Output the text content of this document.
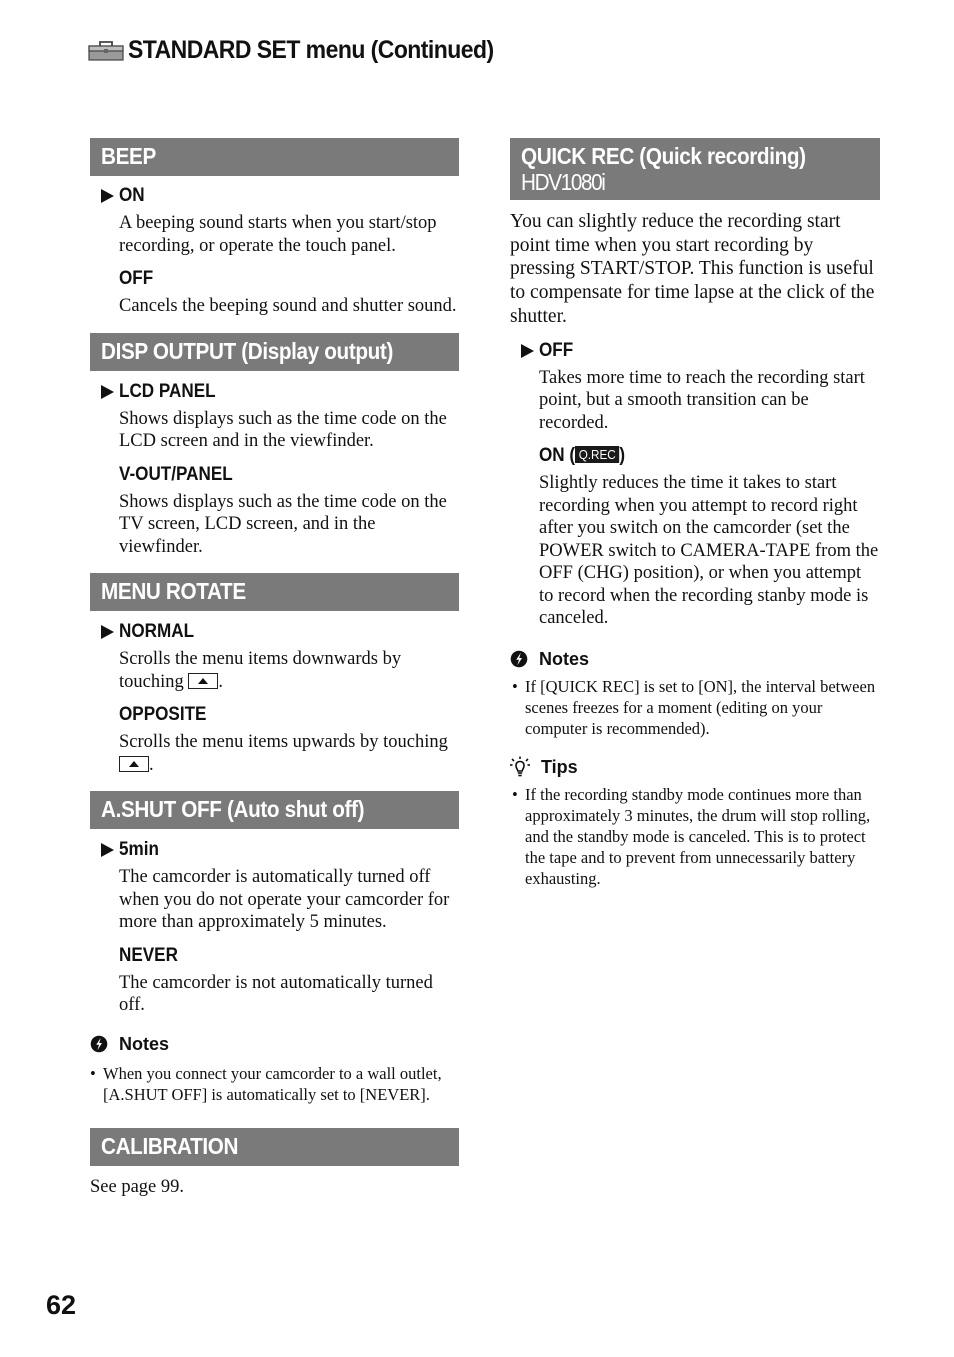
STANDARD SET menu (Continued)
BEEP
ON
A beeping sound starts when you start/stop recording, or operate the touch panel.
OFF
Cancels the beeping sound and shutter sound.
DISP OUTPUT (Display output)
LCD PANEL
Shows displays such as the time code on the LCD screen and in the viewfinder.
V-OUT/PANEL
Shows displays such as the time code on the TV screen, LCD screen, and in the viewfinder.
MENU ROTATE
NORMAL
Scrolls the menu items downwards by touching .
OPPOSITE
Scrolls the menu items upwards by touching .
A.SHUT OFF (Auto shut off)
5min
The camcorder is automatically turned off when you do not operate your camcorder for more than approximately 5 minutes.
NEVER
The camcorder is not automatically turned off.
Notes
• When you connect your camcorder to a wall outlet, [A.SHUT OFF] is automatically set to [NEVER].
CALIBRATION
See page 99.
QUICK REC (Quick recording)
HDV1080i
You can slightly reduce the recording start point time when you start recording by pressing START/STOP. This function is useful to compensate for time lapse at the click of the shutter.
OFF
Takes more time to reach the recording start point, but a smooth transition can be recorded.
ON ( Q.REC )
Slightly reduces the time it takes to start recording when you attempt to record right after you switch on the camcorder (set the POWER switch to CAMERA-TAPE from the OFF (CHG) position), or when you attempt to record when the recording stanby mode is canceled.
Notes
• If [QUICK REC] is set to [ON], the interval between scenes freezes for a moment (editing on your computer is recommended).
Tips
• If the recording standby mode continues more than approximately 3 minutes, the drum will stop rolling, and the standby mode is canceled. This is to protect the tape and to prevent from unnecessarily battery exhausting.
62
